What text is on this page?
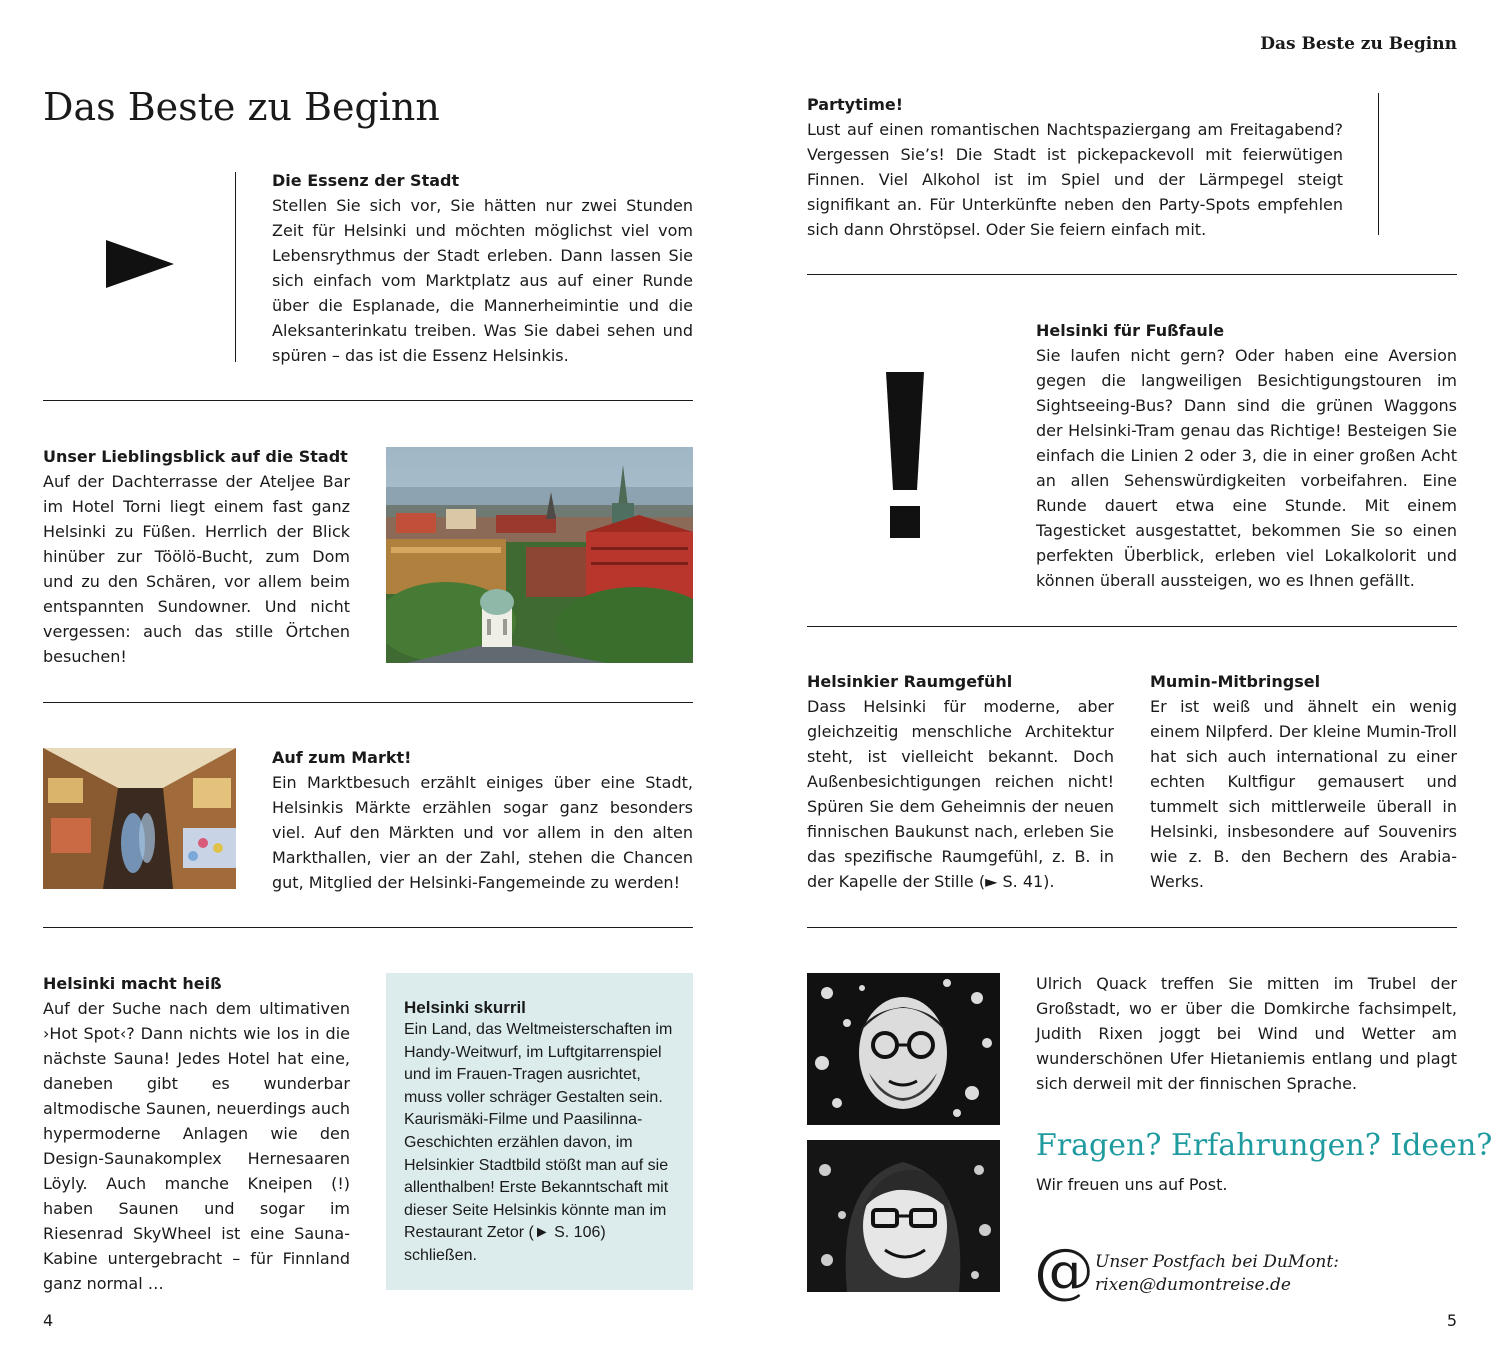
Das Beste zu Beginn
Das Beste zu Beginn
Die Essenz der Stadt

Stellen Sie sich vor, Sie hätten nur zwei Stunden Zeit für Helsinki und möchten möglichst viel vom Lebensrythmus der Stadt erleben. Dann lassen Sie sich einfach vom Marktplatz aus auf einer Runde über die Esplanade, die Mannerheimintie und die Aleksanterinkatu treiben. Was Sie dabei sehen und spüren – das ist die Essenz Helsinkis.

Unser Lieblingsblick auf die Stadt

Auf der Dachterrasse der Ateljee Bar im Hotel Torni liegt einem fast ganz Helsinki zu Füßen. Herrlich der Blick hinüber zur Töölö-Bucht, zum Dom und zu den Schären, vor allem beim entspannten Sundowner. Und nicht vergessen: auch das stille Örtchen besuchen!

Auf zum Markt!

Ein Marktbesuch erzählt einiges über eine Stadt, Helsinkis Märkte erzählen sogar ganz besonders viel. Auf den Märkten und vor allem in den alten Markthallen, vier an der Zahl, stehen die Chancen gut, Mitglied der Helsinki-Fangemeinde zu werden!

Helsinki macht heiß

Auf der Suche nach dem ultimativen ›Hot Spot‹? Dann nichts wie los in die nächste Sauna! Jedes Hotel hat eine, daneben gibt es wunderbar altmodische Saunen, neuerdings auch hypermoderne Anlagen wie den Design-Saunakomplex Hernesaaren Löyly. Auch manche Kneipen (!) haben Saunen und sogar im Riesenrad SkyWheel ist eine Sauna-Kabine untergebracht – für Finnland ganz normal …

Helsinki skurril

Ein Land, das Weltmeisterschaften im Handy-Weitwurf, im Luftgitarrenspiel und im Frauen-Tragen ausrichtet, muss voller schräger Gestalten sein. Kaurismäki-Filme und Paasilinna-Geschichten erzählen davon, im Helsinkier Stadtbild stößt man auf sie allenthalben! Erste Bekanntschaft mit dieser Seite Helsinkis könnte man im Restaurant Zetor (► S. 106) schließen.

4
Partytime!

Lust auf einen romantischen Nachtspaziergang am Freitagabend? Vergessen Sie’s! Die Stadt ist pickepackevoll mit feierwütigen Finnen. Viel Alkohol ist im Spiel und der Lärmpegel steigt signifikant an. Für Unterkünfte neben den Party-Spots empfehlen sich dann Ohrstöpsel. Oder Sie feiern einfach mit.

Helsinki für Fußfaule

Sie laufen nicht gern? Oder haben eine Aversion gegen die langweiligen Besichtigungstouren im Sightseeing-Bus? Dann sind die grünen Waggons der Helsinki-Tram genau das Richtige! Besteigen Sie einfach die Linien 2 oder 3, die in einer großen Acht an allen Sehenswürdigkeiten vorbeifahren. Eine Runde dauert etwa eine Stunde. Mit einem Tagesticket ausgestattet, bekommen Sie so einen perfekten Überblick, erleben viel Lokalkolorit und können überall aussteigen, wo es Ihnen gefällt.

Helsinkier Raumgefühl

Dass Helsinki für moderne, aber gleichzeitig menschliche Architektur steht, ist vielleicht bekannt. Doch Außenbesichtigungen reichen nicht! Spüren Sie dem Geheimnis der neuen finnischen Baukunst nach, erleben Sie das spezifische Raumgefühl, z. B. in der Kapelle der Stille (► S. 41).

Mumin-Mitbringsel

Er ist weiß und ähnelt ein wenig einem Nilpferd. Der kleine Mumin-Troll hat sich auch international zu einer echten Kultfigur gemausert und tummelt sich mittlerweile überall in Helsinki, insbesondere auf Souvenirs wie z. B. den Bechern des Arabia-Werks.

Ulrich Quack treffen Sie mitten im Trubel der Großstadt, wo er über die Domkirche fachsimpelt, Judith Rixen joggt bei Wind und Wetter am wunderschönen Ufer Hietaniemis entlang und plagt sich derweil mit der finnischen Sprache.

Fragen? Erfahrungen? Ideen?
Wir freuen uns auf Post.
@ Unser Postfach bei DuMont:
rixen@dumontreise.de
5
